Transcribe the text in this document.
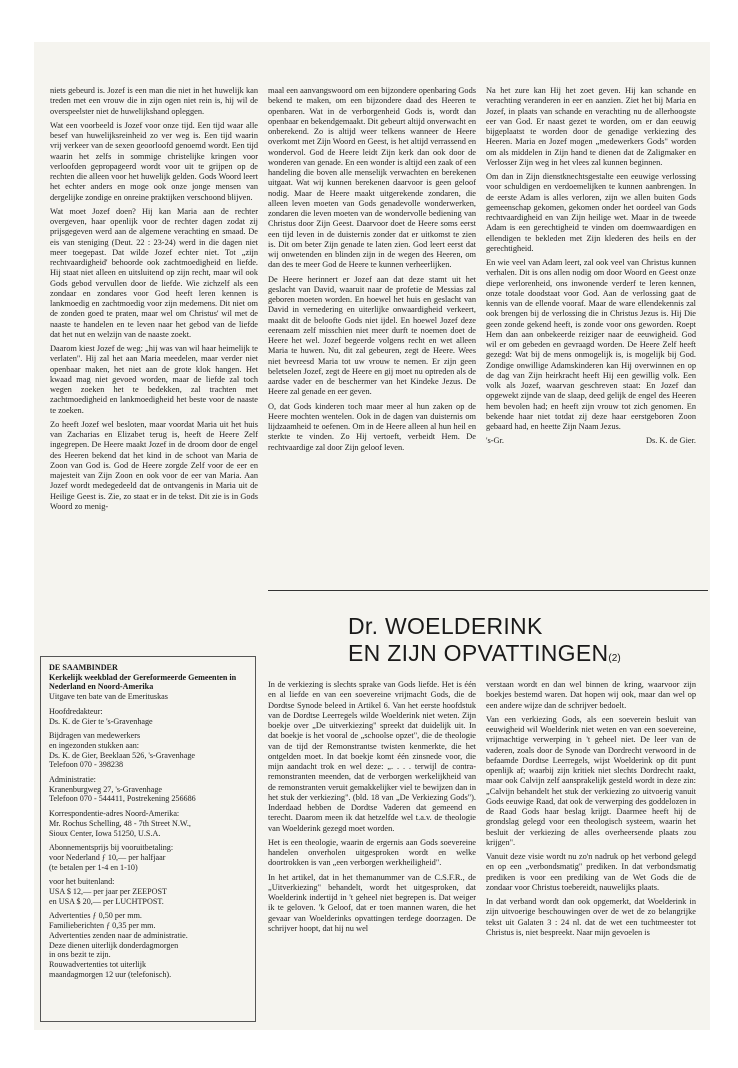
niets gebeurd is. Jozef is een man die niet in het huwelijk kan treden met een vrouw die in zijn ogen niet rein is, hij wil de overspeelster niet de huwelijkshand opleggen.

Wat een voorbeeld is Jozef voor onze tijd. Een tijd waar alle besef van huwelijksreinheid zo ver weg is. Een tijd waarin vrij verkeer van de sexen geoorloofd genoemd wordt. Een tijd waarin het zelfs in sommige christelijke kringen voor verloofden gepropageerd wordt voor uit te grijpen op de rechten die alleen voor het huwelijk gelden. Gods Woord leert het echter anders en moge ook onze jonge mensen van dergelijke zondige en onreine praktijken verschoond blijven.

Wat moet Jozef doen? Hij kan Maria aan de rechter overgeven, haar openlijk voor de rechter dagen zodat zij prijsgegeven werd aan de algemene verachting en smaad. De eis van steniging (Deut. 22 : 23-24) werd in die dagen niet meer toegepast. Dat wilde Jozef echter niet. Tot „zijn rechtvaardigheid' behoorde ook zachtmoedigheid en liefde. Hij staat niet alleen en uitsluitend op zijn recht, maar wil ook Gods gebod vervullen door de liefde. Wie zichzelf als een zondaar en zondares voor God heeft leren kennen is lankmoedig en zachtmoedig voor zijn medemens. Dit niet om de zonden goed te praten, maar wel om Christus' wil met de naaste te handelen en te leven naar het gebod van de liefde dat het nut en welzijn van de naaste zoekt.

Daarom kiest Jozef de weg: „hij was van wil haar heimelijk te verlaten". Hij zal het aan Maria meedelen, maar verder niet openbaar maken, het niet aan de grote klok hangen. Het kwaad mag niet gevoed worden, maar de liefde zal toch wegen zoeken het te bedekken, zal trachten met zachtmoedigheid en lankmoedigheid het beste voor de naaste te zoeken.

Zo heeft Jozef wel besloten, maar voordat Maria uit het huis van Zacharias en Elizabet terug is, heeft de Heere Zelf ingegrepen. De Heere maakt Jozef in de droom door de engel des Heeren bekend dat het kind in de schoot van Maria de Zoon van God is. God de Heere zorgde Zelf voor de eer en majesteit van Zijn Zoon en ook voor de eer van Maria. Aan Jozef wordt medegedeeld dat de ontvangenis in Maria uit de Heilige Geest is. Zie, zo staat er in de tekst. Dit zie is in Gods Woord zo menig-

maal een aanvangswoord om een bijzondere openbaring Gods bekend te maken, om een bijzondere daad des Heeren te openbaren. Wat in de verborgenheid Gods is, wordt dan openbaar en bekendgemaakt. Dit gebeurt altijd onverwacht en onberekend. Zo is altijd weer telkens wanneer de Heere overkomt met Zijn Woord en Geest, is het altijd verrassend en wondervol. God de Heere leidt Zijn kerk dan ook door de wonderen van genade. En een wonder is altijd een zaak of een handeling die boven alle menselijk verwachten en berekenen uitgaat. Wat wij kunnen berekenen daarvoor is geen geloof nodig. Maar de Heere maakt uitgerekende zondaren, die alleen leven moeten van Gods genadevolle wonderwerken, zondaren die leven moeten van de wondervolle bediening van Christus door Zijn Geest. Daarvoor doet de Heere soms eerst een tijd leven in de duisternis zonder dat er uitkomst te zien is. Dit om beter Zijn genade te laten zien. God leert eerst dat wij onwetenden en blinden zijn in de wegen des Heeren, om dan des te meer God de Heere te kunnen verheerlijken.

De Heere herinnert er Jozef aan dat deze stamt uit het geslacht van David, waaruit naar de profetie de Messias zal geboren moeten worden. En hoewel het huis en geslacht van David in vernedering en uiterlijke onwaardigheid verkeert, maakt dit de beloofte Gods niet ijdel. En hoewel Jozef deze eerenaam zelf misschien niet meer durft te noemen doet de Heere het wel. Jozef begeerde volgens recht en wet alleen Maria te huwen. Nu, dit zal gebeuren, zegt de Heere. Wees niet bevreesd Maria tot uw vrouw te nemen. Er zijn geen beletselen Jozef, zegt de Heere en gij moet nu optreden als de aardse vader en de beschermer van het Kindeke Jezus. De Heere zal genade en eer geven.

O, dat Gods kinderen toch maar meer al hun zaken op de Heere mochten wentelen. Ook in de dagen van duisternis om lijdzaamheid te oefenen. Om in de Heere alleen al hun heil en sterkte te vinden. Zo Hij vertoeft, verbeidt Hem. De rechtvaardige zal door Zijn geloof leven.

Na het zure kan Hij het zoet geven. Hij kan schande en verachting veranderen in eer en aanzien. Ziet het bij Maria en Jozef, in plaats van schande en verachting nu de allerhoogste eer van God. Er naast gezet te worden, om er dan eeuwig bijgeplaatst te worden door de genadige verkiezing des Heeren. Maria en Jozef mogen „medewerkers Gods" worden om als middelen in Zijn hand te dienen dat de Zaligmaker en Verlosser Zijn weg in het vlees zal kunnen beginnen.

Om dan in Zijn dienstknechtsgestalte een eeuwige verlossing voor schuldigen en verdoemelijken te kunnen aanbrengen. In de eerste Adam is alles verloren, zijn we allen buiten Gods gemeenschap gekomen, gekomen onder het oordeel van Gods rechtvaardigheid en van Zijn heilige wet. Maar in de tweede Adam is een gerechtigheid te vinden om doemwaardigen en ellendigen te bekleden met Zijn klederen des heils en der gerechtigheid.

En wie veel van Adam leert, zal ook veel van Christus kunnen verhalen. Dit is ons allen nodig om door Woord en Geest onze diepe verlorenheid, ons inwonende verderf te leren kennen, onze totale doodstaat voor God. Aan de verlossing gaat de kennis van de ellende vooraf. Maar de ware ellendekennis zal ook brengen bij de verlossing die in Christus Jezus is. Hij Die geen zonde gekend heeft, is zonde voor ons geworden. Roept Hem dan aan onbekeerde reiziger naar de eeuwigheid. God wil er om gebeden en gevraagd worden. De Heere Zelf heeft gezegd: Wat bij de mens onmogelijk is, is mogelijk bij God. Zondige onwillige Adamskinderen kan Hij overwinnen en op de dag van Zijn heirkracht heeft Hij een gewillig volk. Een volk als Jozef, waarvan geschreven staat: En Jozef dan opgewekt zijnde van de slaap, deed gelijk de engel des Heeren hem bevolen had; en heeft zijn vrouw tot zich genomen. En bekende haar niet totdat zij deze haar eerstgeboren Zoon gebaard had, en heette Zijn Naam Jezus.

's-Gr.	Ds. K. de Gier.
Dr. WOELDERINK
EN ZIJN OPVATTINGEN(2)
DE SAAMBINDER
Kerkelijk weekblad der Gereformeerde Gemeenten in Nederland en Noord-Amerika
Uitgave ten bate van de Emerituskas
Hoofdredakteur:
Ds. K. de Gier te 's-Gravenhage
Bijdragen van medewerkers
en ingezonden stukken aan:
Ds. K. de Gier, Beeklaan 526, 's-Gravenhage
Telefoon 070 - 398238
Administratie:
Kranenburgweg 27, 's-Gravenhage
Telefoon 070 - 544411, Postrekening 256686
Korrespondentie-adres Noord-Amerika:
Mr. Rochus Schelling, 48 - 7th Street N.W.,
Sioux Center, Iowa 51250, U.S.A.
Abonnementsprijs bij vooruitbetaling:
voor Nederland ƒ 10,— per halfjaar
(te betalen per 1-4 en 1-10)
voor het buitenland:
USA $ 12,— per jaar per ZEEPOST
en USA $ 20,— per LUCHTPOST.
Advertenties ƒ 0,50 per mm.
Familieberichten ƒ 0,35 per mm.
Advertenties zenden naar de administratie.
Deze dienen uiterlijk donderdagmorgen
in ons bezit te zijn.
Rouwadvertenties tot uiterlijk
maandagmorgen 12 uur (telefonisch).

In de verkiezing is slechts sprake van Gods liefde. Het is één en al liefde en van een soevereine vrijmacht Gods, die de Dordtse Synode beleed in Artikel 6. Van het eerste hoofdstuk van de Dordtse Leerregels wilde Woelderink niet weten. Zijn boekje over „De uitverkiezing" spreekt dat duidelijk uit. In dat boekje is het vooral de „schoolse opzet", die de theologie van de tijd der Remonstrantse twisten kenmerkte, die het ontgelden moet. In dat boekje komt één zinsnede voor, die mijn aandacht trok en wel deze: „. . . . terwijl de contra-remonstranten meenden, dat de verborgen werkelijkheid van de remonstranten veruit gemakkelijker viel te bewijzen dan in het stuk der verkiezing". (bld. 18 van „De Verkiezing Gods"). Inderdaad hebben de Dordtse Vaderen dat gemeend en terecht. Daarom meen ik dat hetzelfde wel t.a.v. de theologie van Woelderink gezegd moet worden.

Het is een theologie, waarin de ergernis aan Gods soevereine handelen onverholen uitgesproken wordt en welke doortrokken is van „een verborgen werkheiligheid".

In het artikel, dat in het themanummer van de C.S.F.R., de „Uitverkiezing" behandelt, wordt het uitgesproken, dat Woelderink indertijd in 't geheel niet begrepen is. Dat weiger ik te geloven. 'k Geloof, dat er toen mannen waren, die het gevaar van Woelderinks opvattingen terdege doorzagen. De schrijver hoopt, dat hij nu wel

verstaan wordt en dan wel binnen de kring, waarvoor zijn boekjes bestemd waren. Dat hopen wij ook, maar dan wel op een andere wijze dan de schrijver bedoelt.

Van een verkiezing Gods, als een soeverein besluit van eeuwigheid wil Woelderink niet weten en van een soevereine, vrijmachtige verwerping in 't geheel niet. De leer van de vaderen, zoals door de Synode van Dordrecht verwoord in de befaamde Dordtse Leerregels, wijst Woelderink op dit punt openlijk af; waarbij zijn kritiek niet slechts Dordrecht raakt, maar ook Calvijn zelf aansprakelijk gesteld wordt in deze zin: „Calvijn behandelt het stuk der verkiezing zo uitvoerig vanuit Gods eeuwige Raad, dat ook de verwerping des goddelozen in de Raad Gods haar beslag krijgt. Daarmee heeft hij de grondslag gelegd voor een theologisch systeem, waarin het besluit der verkiezing de alles overheersende plaats zou krijgen".

Vanuit deze visie wordt nu zo'n nadruk op het verbond gelegd en op een „verbondsmatig" prediken. In dat verbondsmatig prediken is voor een prediking van de Wet Gods die de zondaar voor Christus toebereidt, nauwelijks plaats.

In dat verband wordt dan ook opgemerkt, dat Woelderink in zijn uitvoerige beschouwingen over de wet de zo belangrijke tekst uit Galaten 3 : 24 nl. dat de wet een tuchtmeester tot Christus is, niet bespreekt. Naar mijn gevoelen is
